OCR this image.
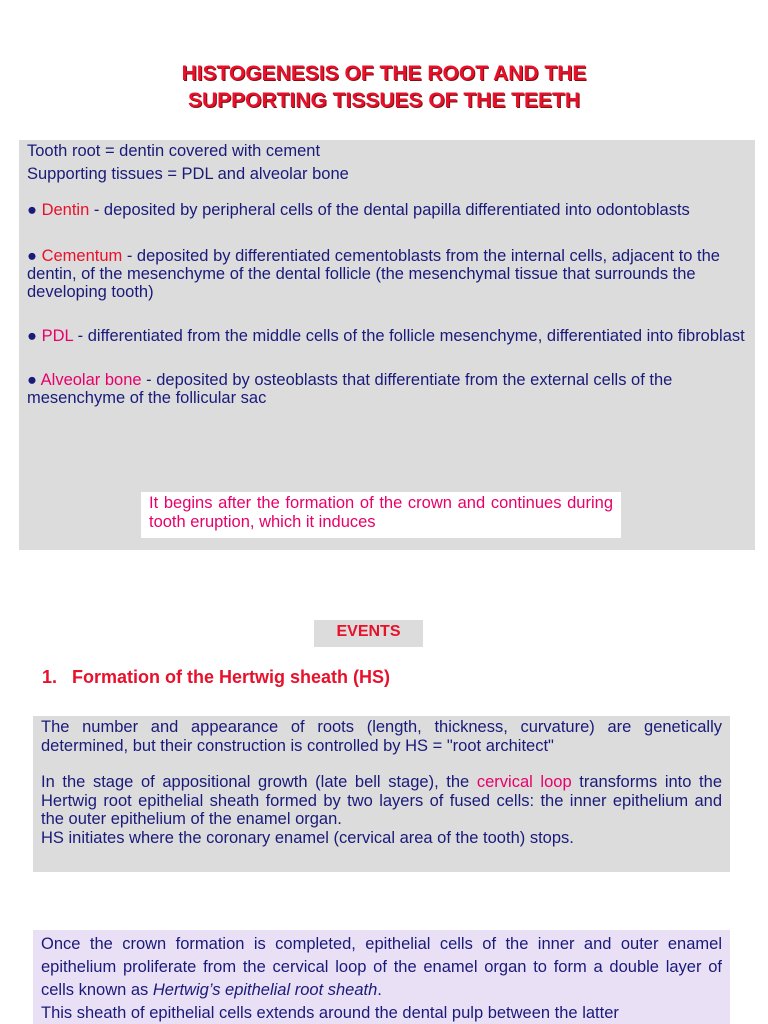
HISTOGENESIS OF THE ROOT AND THE
SUPPORTING TISSUES OF THE TEETH
Tooth root = dentin covered with cement
Supporting tissues = PDL and alveolar bone
● Dentin - deposited by peripheral cells of the dental papilla differentiated into odontoblasts
● Cementum - deposited by differentiated cementoblasts from the internal cells, adjacent to the dentin, of the mesenchyme of the dental follicle (the mesenchymal tissue that surrounds the developing tooth)
● PDL - differentiated from the middle cells of the follicle mesenchyme, differentiated into fibroblast
● Alveolar bone - deposited by osteoblasts that differentiate from the external cells of the mesenchyme of the follicular sac
It begins after the formation of the crown and continues during tooth eruption, which it induces
EVENTS
1. Formation of the Hertwig sheath (HS)

The number and appearance of roots (length, thickness, curvature) are genetically determined, but their construction is controlled by HS = "root architect"

In the stage of appositional growth (late bell stage), the cervical loop transforms into the Hertwig root epithelial sheath formed by two layers of fused cells: the inner epithelium and the outer epithelium of the enamel organ.

HS initiates where the coronary enamel (cervical area of the tooth) stops.

Once the crown formation is completed, epithelial cells of the inner and outer enamel epithelium proliferate from the cervical loop of the enamel organ to form a double layer of cells known as Hertwig’s epithelial root sheath.

This sheath of epithelial cells extends around the dental pulp between the latter
